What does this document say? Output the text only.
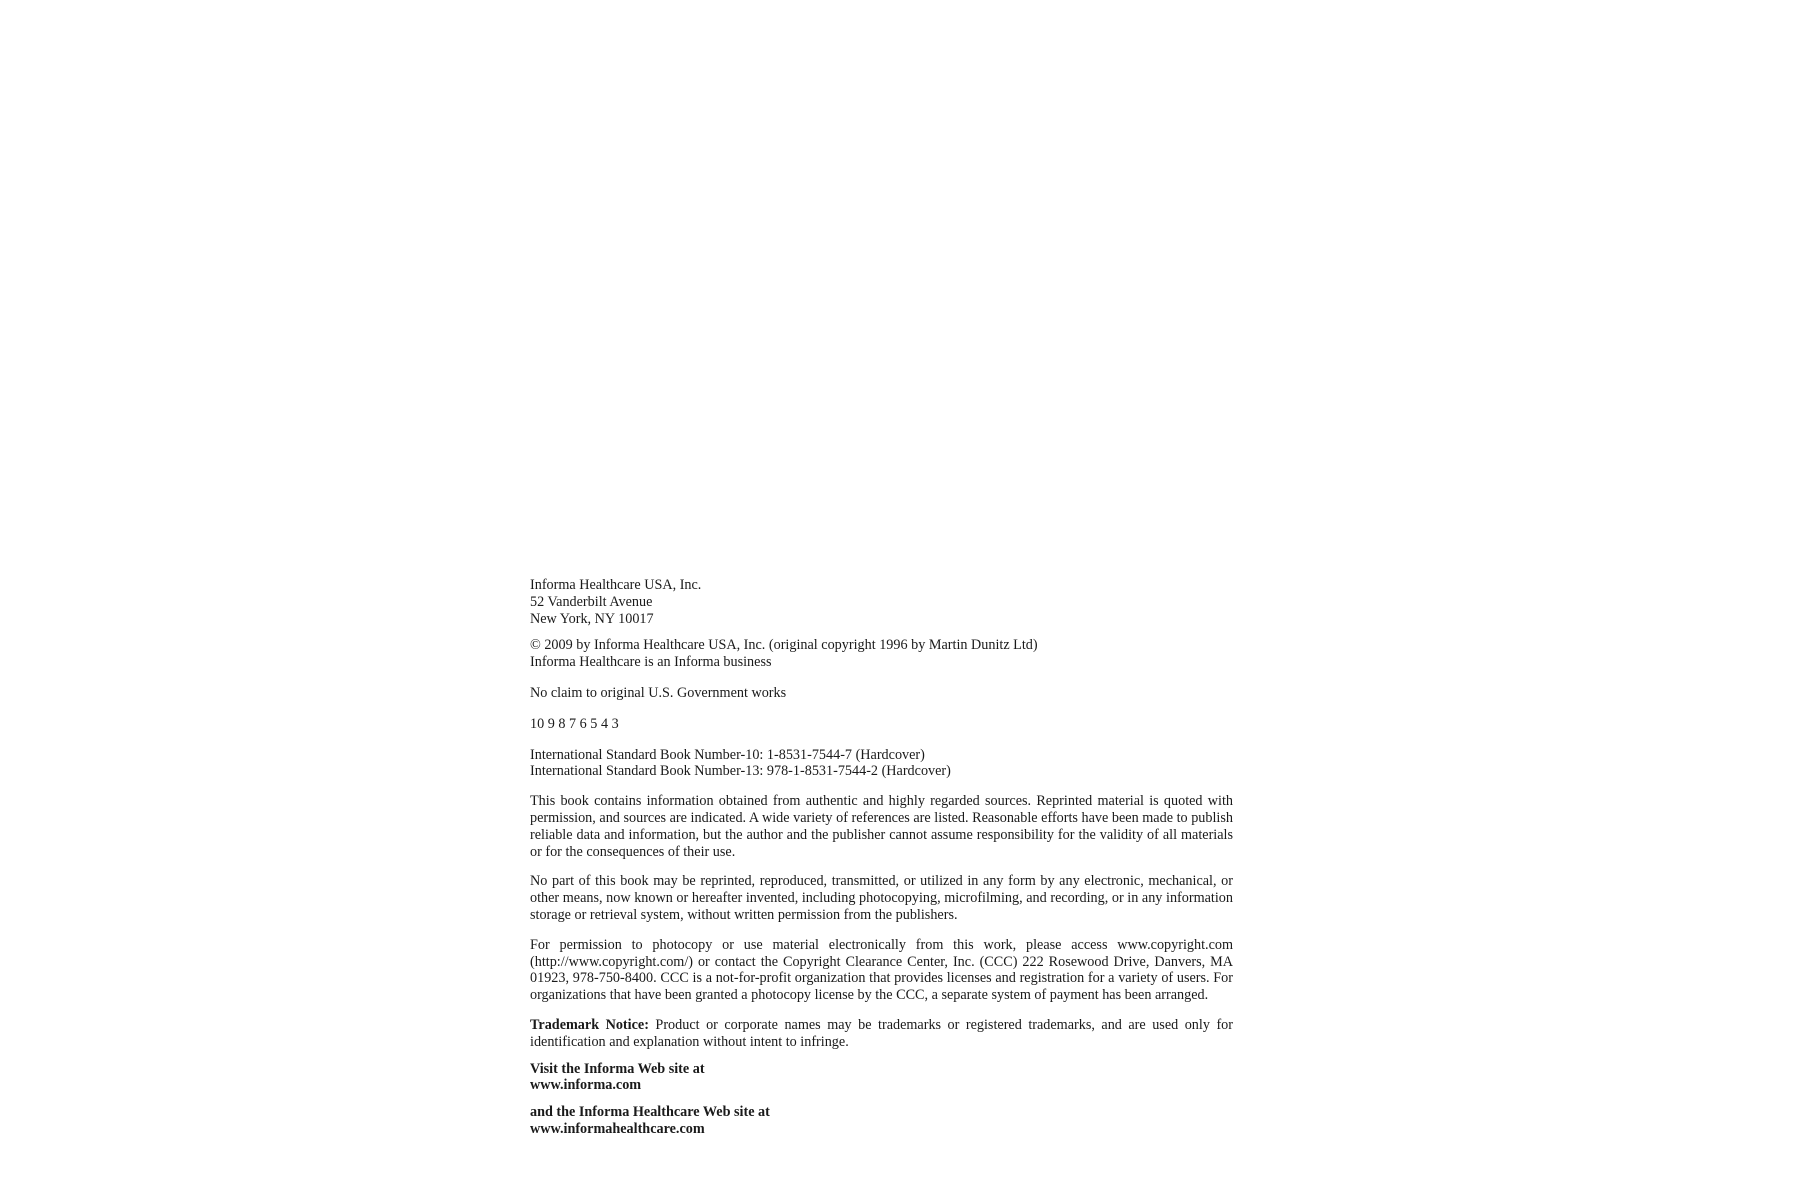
Informa Healthcare USA, Inc.

52 Vanderbilt Avenue

New York, NY 10017

© 2009 by Informa Healthcare USA, Inc. (original copyright 1996 by Martin Dunitz Ltd)

Informa Healthcare is an Informa business

No claim to original U.S. Government works

10 9 8 7 6 5 4 3

International Standard Book Number-10: 1-8531-7544-7 (Hardcover)

International Standard Book Number-13: 978-1-8531-7544-2 (Hardcover)

This book contains information obtained from authentic and highly regarded sources. Reprinted material is quoted with permission, and sources are indicated. A wide variety of references are listed. Reasonable efforts have been made to publish reliable data and information, but the author and the publisher cannot assume responsibility for the validity of all materials or for the consequences of their use.

No part of this book may be reprinted, reproduced, transmitted, or utilized in any form by any electronic, mechanical, or other means, now known or hereafter invented, including photocopying, microfilming, and recording, or in any information storage or retrieval system, without written permission from the publishers.

For permission to photocopy or use material electronically from this work, please access www.copyright.com (http://www.copyright.com/) or contact the Copyright Clearance Center, Inc. (CCC) 222 Rosewood Drive, Danvers, MA 01923, 978-750-8400. CCC is a not-for-profit organization that provides licenses and registration for a variety of users. For organizations that have been granted a photocopy license by the CCC, a separate system of payment has been arranged.

Trademark Notice: Product or corporate names may be trademarks or registered trademarks, and are used only for identification and explanation without intent to infringe.

Visit the Informa Web site at

www.informa.com

and the Informa Healthcare Web site at

www.informahealthcare.com
